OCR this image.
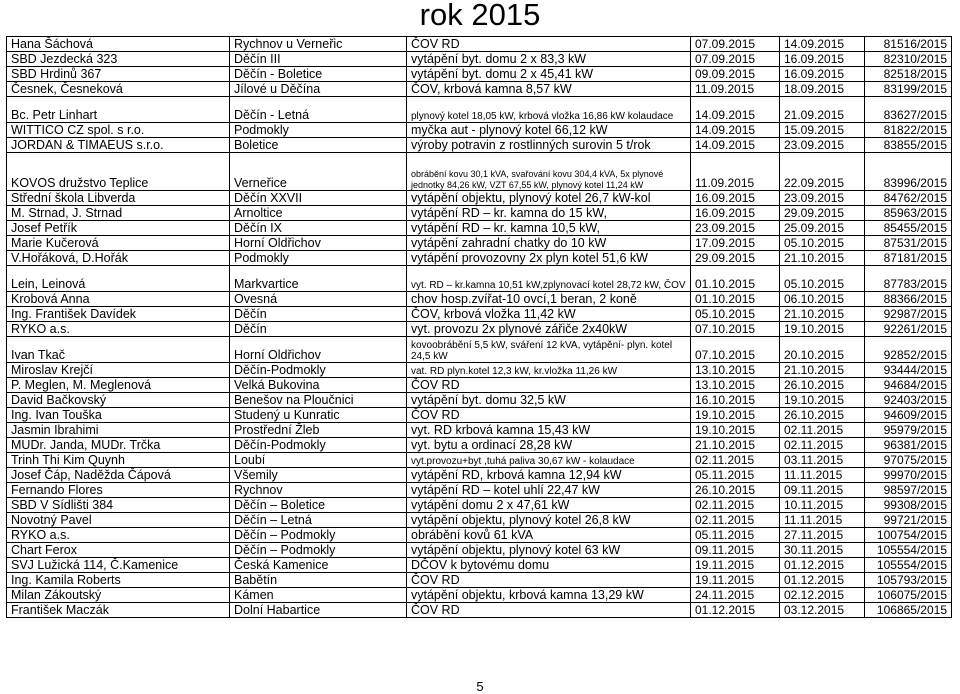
rok 2015
Hana Šáchová	Rychnov u Verneřic	ČOV RD	07.09.2015	14.09.2015	81516/2015
SBD Jezdecká 323	Děčín III	vytápění byt. domu 2 x 83,3 kW	07.09.2015	16.09.2015	82310/2015
SBD Hrdinů 367	Děčín - Boletice	vytápění byt. domu 2 x 45,41 kW	09.09.2015	16.09.2015	82518/2015
Česnek, Česneková	Jílové u Děčína	ČOV, krbová kamna 8,57 kW	11.09.2015	18.09.2015	83199/2015
Bc. Petr Linhart	Děčín - Letná	plynový kotel 18,05 kW, krbová vložka 16,86 kW kolaudace	14.09.2015	21.09.2015	83627/2015
WITTICO CZ spol. s r.o.	Podmokly	myčka aut - plynový kotel 66,12 kW	14.09.2015	15.09.2015	81822/2015
JORDAN & TIMAEUS s.r.o.	Boletice	výroby potravin z rostlinných surovin 5 t/rok	14.09.2015	23.09.2015	83855/2015
KOVOS družstvo Teplice	Verneřice	obrábění kovu 30,1 kVA, svařování kovu 304,4 kVA, 5x plynové jednotky 84,26 kW, VZT 67,55 kW, plynový kotel 11,24 kW	11.09.2015	22.09.2015	83996/2015
Střední škola Libverda	Děčín XXVII	vytápění objektu, plynový kotel 26,7 kW-kol	16.09.2015	23.09.2015	84762/2015
M. Strnad, J. Strnad	Arnoltice	vytápění RD – kr. kamna do 15 kW,	16.09.2015	29.09.2015	85963/2015
Josef Petřík	Děčín IX	vytápění RD – kr. kamna 10,5 kW,	23.09.2015	25.09.2015	85455/2015
Marie Kučerová	Horní Oldřichov	vytápění zahradní chatky do 10 kW	17.09.2015	05.10.2015	87531/2015
V.Hořáková, D.Hořák	Podmokly	vytápění provozovny 2x plyn kotel 51,6 kW	29.09.2015	21.10.2015	87181/2015
Lein, Leinová	Markvartice	vyt. RD – kr.kamna 10,51 kW,zplynovací kotel 28,72 kW, ČOV	01.10.2015	05.10.2015	87783/2015
Krobová Anna	Ovesná	chov hosp.zvířat-10 ovcí,1 beran, 2 koně	01.10.2015	06.10.2015	88366/2015
Ing. František Davídek	Děčín	ČOV, krbová vložka 11,42 kW	05.10.2015	21.10.2015	92987/2015
RYKO a.s.	Děčín	vyt. provozu 2x plynové zářiče 2x40kW	07.10.2015	19.10.2015	92261/2015
Ivan Tkač	Horní Oldřichov	kovoobrábění 5,5 kW, sváření 12 kVA, vytápění- plyn. kotel 24,5 kW	07.10.2015	20.10.2015	92852/2015
Miroslav Krejčí	Děčín-Podmokly	vat. RD plyn.kotel 12,3 kW, kr.vložka 11,26 kW	13.10.2015	21.10.2015	93444/2015
P. Meglen, M. Meglenová	Velká Bukovina	ČOV RD	13.10.2015	26.10.2015	94684/2015
David Bačkovský	Benešov na Ploučnici	vytápění byt. domu 32,5 kW	16.10.2015	19.10.2015	92403/2015
Ing. Ivan Touška	Studený u Kunratic	ČOV RD	19.10.2015	26.10.2015	94609/2015
Jasmin Ibrahimi	Prostřední Žleb	vyt. RD krbová kamna 15,43 kW	19.10.2015	02.11.2015	95979/2015
MUDr. Janda, MUDr. Trčka	Děčín-Podmokly	vyt. bytu a ordinací 28,28 kW	21.10.2015	02.11.2015	96381/2015
Trinh Thi Kim Quynh	Loubí	vyt.provozu+byt ,tuhá paliva 30,67 kW - kolaudace	02.11.2015	03.11.2015	97075/2015
Josef Čáp, Naděžda Čápová	Všemily	vytápění RD, krbová kamna 12,94 kW	05.11.2015	11.11.2015	99970/2015
Fernando Flores	Rychnov	vytápění RD – kotel uhlí 22,47 kW	26.10.2015	09.11.2015	98597/2015
SBD V Sídlišti 384	Děčín – Boletice	vytápění domu 2 x 47,61 kW	02.11.2015	10.11.2015	99308/2015
Novotný Pavel	Děčín – Letná	vytápění objektu, plynový kotel 26,8 kW	02.11.2015	11.11.2015	99721/2015
RYKO a.s.	Děčín – Podmokly	obrábění kovů 61 kVA	05.11.2015	27.11.2015	100754/2015
Chart Ferox	Děčín – Podmokly	vytápění objektu, plynový kotel 63 kW	09.11.2015	30.11.2015	105554/2015
SVJ Lužická 114, Č.Kamenice	Česká Kamenice	DČOV k bytovému domu	19.11.2015	01.12.2015	105554/2015
Ing. Kamila Roberts	Babětín	ČOV RD	19.11.2015	01.12.2015	105793/2015
Milan Zákoutský	Kámen	vytápění objektu, krbová kamna 13,29 kW	24.11.2015	02.12.2015	106075/2015
František Maczák	Dolní Habartice	ČOV RD	01.12.2015	03.12.2015	106865/2015
5
